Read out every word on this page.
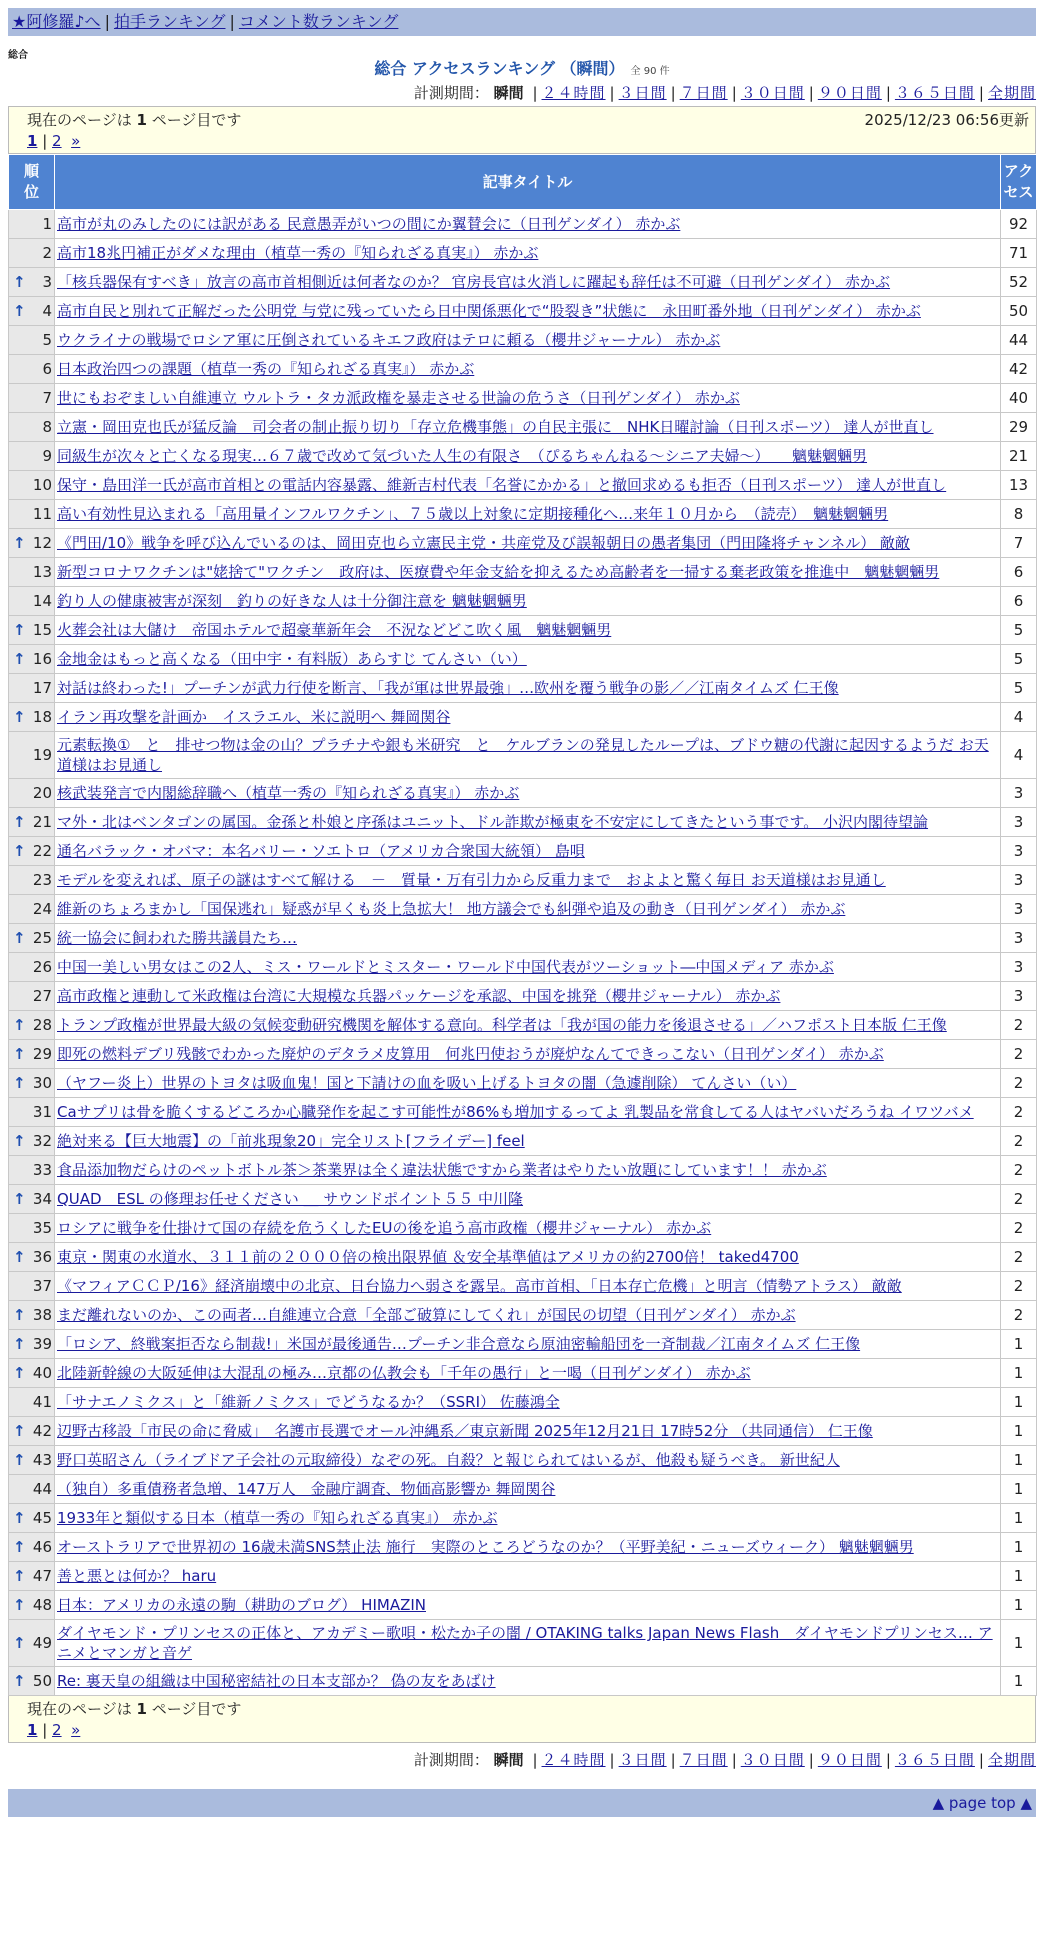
★阿修羅♪へ | 拍手ランキング | コメント数ランキング
総合
総合 アクセスランキング （瞬間） 全 90 件
計測期間： 瞬間 | ２４時間 | ３日間 | ７日間 | ３０日間 | ９０日間 | ３６５日間 | 全期間
現在のページは 1 ページ目です	2025/12/23 06:56更新
1 | 2 »
順位	記事タイトル	アクセス
1	高市が丸のみしたのには訳がある 民意愚弄がいつの間にか翼賛会に（日刊ゲンダイ） 赤かぶ	92
2	高市18兆円補正がダメな理由（植草一秀の『知られざる真実』） 赤かぶ	71

↑ 3	「核兵器保有すべき」放言の高市首相側近は何者なのか？ 官房長官は火消しに躍起も辞任は不可避（日刊ゲンダイ） 赤かぶ	52

↑ 4	高市自民と別れて正解だった公明党 与党に残っていたら日中関係悪化で“股裂き”状態に　永田町番外地（日刊ゲンダイ） 赤かぶ	50
5	ウクライナの戦場でロシア軍に圧倒されているキエフ政府はテロに頼る（櫻井ジャーナル） 赤かぶ	44
6	日本政治四つの課題（植草一秀の『知られざる真実』） 赤かぶ	42
7	世にもおぞましい自維連立 ウルトラ・タカ派政権を暴走させる世論の危うさ（日刊ゲンダイ） 赤かぶ	40
8	立憲・岡田克也氏が猛反論　司会者の制止振り切り「存立危機事態」の自民主張に　NHK日曜討論（日刊スポーツ） 達人が世直し	29
9	同級生が次々と亡くなる現実…６７歳で改めて気づいた人生の有限さ　（ぴるちゃんねる～シニア夫婦～）　　魑魅魍魎男	21
10	保守・島田洋一氏が高市首相との電話内容暴露、維新吉村代表「名誉にかかる」と撤回求めるも拒否（日刊スポーツ） 達人が世直し	13
11	高い有効性見込まれる「高用量インフルワクチン」、７５歳以上対象に定期接種化へ…来年１０月から　（読売）　魑魅魍魎男	8

↑ 12	《門田/10》戦争を呼び込んでいるのは、岡田克也ら立憲民主党・共産党及び誤報朝日の愚者集団（門田隆将チャンネル） 敵敵	7
13	新型コロナワクチンは"姥捨て"ワクチン　政府は、医療費や年金支給を抑えるため高齢者を一掃する棄老政策を推進中　魑魅魍魎男	6
14	釣り人の健康被害が深刻　釣りの好きな人は十分御注意を 魑魅魍魎男	6

↑ 15	火葬会社は大儲け　帝国ホテルで超豪華新年会　不況などどこ吹く風　魑魅魍魎男	5

↑ 16	金地金はもっと高くなる（田中宇・有料版）あらすじ てんさい（い）	5
17	対話は終わった!」プーチンが武力行使を断言、「我が軍は世界最強」…欧州を覆う戦争の影／／江南タイムズ 仁王像	5

↑ 18	イラン再攻撃を計画か　イスラエル、米に説明へ 舞岡関谷	4
19	元素転換①　と　排せつ物は金の山？プラチナや銀も米研究　と　ケルブランの発見したループは、ブドウ糖の代謝に起因するようだ お天道様はお見通し	4
20	核武装発言で内閣総辞職へ（植草一秀の『知られざる真実』） 赤かぶ	3

↑ 21	マ外・北はベンタゴンの属国。金孫と朴娘と序孫はユニット、ドル詐欺が極東を不安定にしてきたという事です。 小沢内閣待望論	3

↑ 22	通名バラック・オバマ：本名バリー・ソエトロ（アメリカ合衆国大統領） 島唄	3
23	モデルを変えれば、原子の謎はすべて解ける　－　質量・万有引力から反重力まで　およよと驚く毎日 お天道様はお見通し	3
24	維新のちょろまかし「国保逃れ」疑惑が早くも炎上急拡大！ 地方議会でも糾弾や追及の動き（日刊ゲンダイ） 赤かぶ	3

↑ 25	統一協会に飼われた勝共議員たち…	3
26	中国一美しい男女はこの2人、ミス・ワールドとミスター・ワールド中国代表がツーショット―中国メディア 赤かぶ	3
27	高市政権と連動して米政権は台湾に大規模な兵器パッケージを承認、中国を挑発（櫻井ジャーナル） 赤かぶ	3

↑ 28	トランプ政権が世界最大級の気候変動研究機関を解体する意向。科学者は「我が国の能力を後退させる」／ハフポスト日本版 仁王像	2

↑ 29	即死の燃料デブリ残骸でわかった廃炉のデタラメ皮算用　何兆円使おうが廃炉なんてできっこない（日刊ゲンダイ） 赤かぶ	2

↑ 30	（ヤフー炎上）世界のトヨタは吸血鬼！国と下請けの血を吸い上げるトヨタの闇（急遽削除） てんさい（い）	2
31	Caサプリは骨を脆くするどころか心臓発作を起こす可能性が86%も増加するってよ 乳製品を常食してる人はヤバいだろうね イワツバメ	2

↑ 32	絶対来る【巨大地震】の「前兆現象20」完全リスト[フライデー] feel	2
33	食品添加物だらけのペットボトル茶＞茶業界は全く違法状態ですから業者はやりたい放題にしています！！ 赤かぶ	2

↑ 34	QUAD　ESL の修理お任せください ＿ サウンドポイント５５ 中川隆	2
35	ロシアに戦争を仕掛けて国の存続を危うくしたEUの後を追う高市政権（櫻井ジャーナル） 赤かぶ	2

↑ 36	東京・関東の水道水、３１１前の２０００倍の検出限界値 ＆安全基準値はアメリカの約2700倍！ taked4700	2
37	《マフィアＣＣＰ/16》経済崩壊中の北京、日台協力へ弱さを露呈。高市首相、「日本存亡危機」と明言（情勢アトラス） 敵敵	2

↑ 38	まだ離れないのか、この両者…自維連立合意「全部ご破算にしてくれ」が国民の切望（日刊ゲンダイ） 赤かぶ	2

↑ 39	「ロシア、終戦案拒否なら制裁!」米国が最後通告…プーチン非合意なら原油密輸船団を一斉制裁／江南タイムズ 仁王像	1

↑ 40	北陸新幹線の大阪延伸は大混乱の極み…京都の仏教会も「千年の愚行」と一喝（日刊ゲンダイ） 赤かぶ	1
41	「サナエノミクス」と「維新ノミクス」でどうなるか？（SSRI） 佐藤鴻全	1

↑ 42	辺野古移設「市民の命に脅威」　名護市長選でオール沖縄系／東京新聞 2025年12月21日 17時52分 （共同通信） 仁王像	1

↑ 43	野口英昭さん（ライブドア子会社の元取締役）なぞの死。自殺？と報じられてはいるが、他殺も疑うべき。 新世紀人	1
44	（独自）多重債務者急増、147万人　金融庁調査、物価高影響か 舞岡関谷	1

↑ 45	1933年と類似する日本（植草一秀の『知られざる真実』） 赤かぶ	1

↑ 46	オーストラリアで世界初の 16歳未満SNS禁止法 施行　実際のところどうなのか？（平野美紀・ニューズウィーク） 魑魅魍魎男	1

↑ 47	善と悪とは何か？ haru	1

↑ 48	日本：アメリカの永遠の駒（耕助のブログ） HIMAZIN	1

↑ 49	ダイヤモンド・プリンセスの正体と、アカデミー歌唄・松たか子の闇 / OTAKING talks Japan News Flash　ダイヤモンドプリンセス… アニメとマンガと音ゲ	1

↑ 50	Re: 裏天皇の組織は中国秘密結社の日本支部か？ 偽の友をあばけ	1
現在のページは 1 ページ目です
1 | 2 »
計測期間： 瞬間 | ２４時間 | ３日間 | ７日間 | ３０日間 | ９０日間 | ３６５日間 | 全期間
▲ page top ▲
